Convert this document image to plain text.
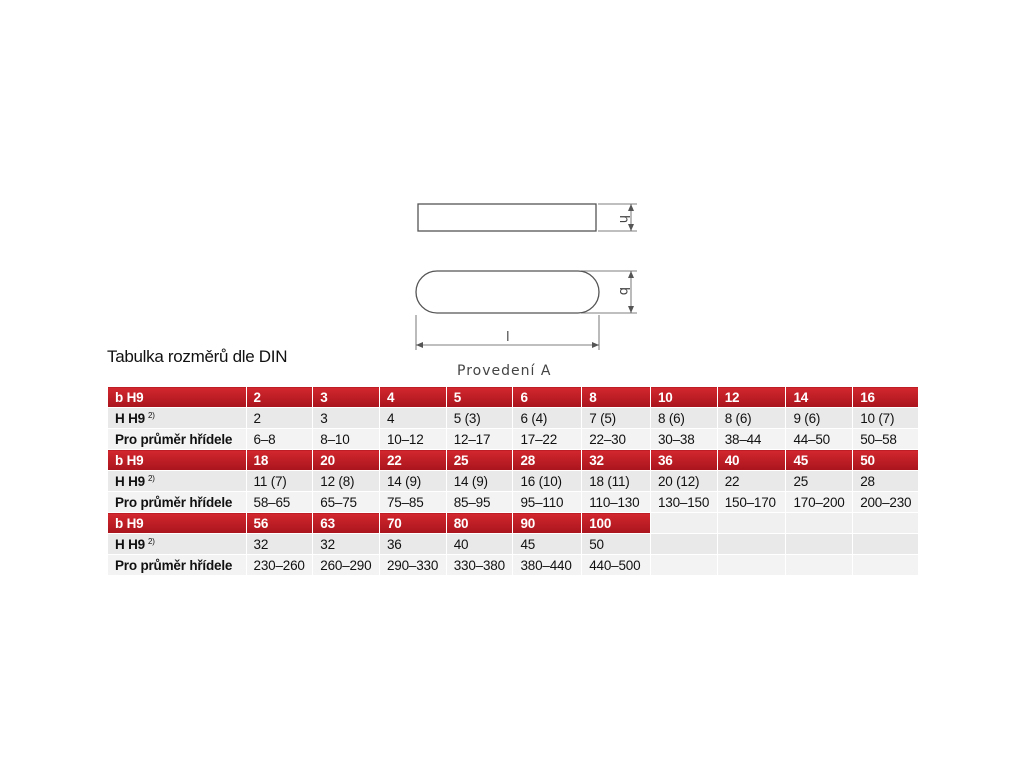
h
b
l
Provedení A
Tabulka rozměrů dle DIN
b H9	2	3	4	5	6	8	10	12	14	16
H H9 $^{2)}$	2	3	4	5 (3)	6 (4)	7 (5)	8 (6)	8 (6)	9 (6)	10 (7)
Pro průměr hřídele	6–8	8–10	10–12	12–17	17–22	22–30	30–38	38–44	44–50	50–58
b H9	18	20	22	25	28	32	36	40	45	50
H H9 $^{2)}$	11 (7)	12 (8)	14 (9)	14 (9)	16 (10)	18 (11)	20 (12)	22	25	28
Pro průměr hřídele	58–65	65–75	75–85	85–95	95–110	110–130	130–150	150–170	170–200	200–230
b H9	56	63	70	80	90	100				
H H9 $^{2)}$	32	32	36	40	45	50				
Pro průměr hřídele	230–260	260–290	290–330	330–380	380–440	440–500				
